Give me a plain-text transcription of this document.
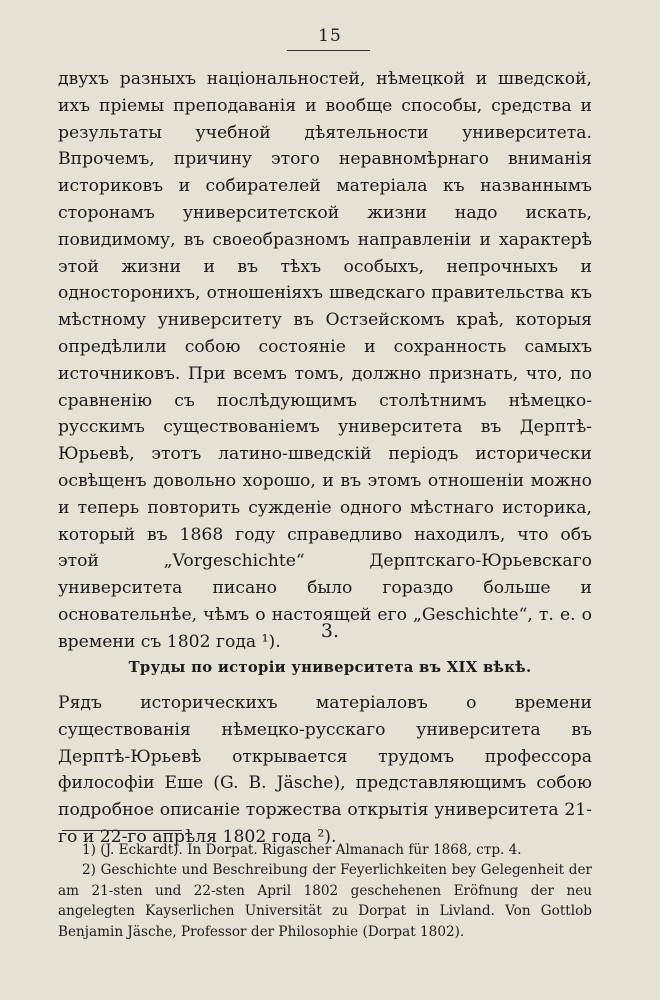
15
двухъ разныхъ національностей, нѣмецкой и шведской, ихъ пріемы преподаванія и вообще способы, средства и результаты учебной дѣятельности университета. Впрочемъ, причину этого неравномѣрнаго вниманія историковъ и собирателей матеріала къ названнымъ сторонамъ университетской жизни надо искать, повидимому, въ своеобразномъ направленіи и характерѣ этой жизни и въ тѣхъ особыхъ, непрочныхъ и односторонихъ, отношеніяхъ шведскаго правительства къ мѣстному университету въ Остзейскомъ краѣ, которыя опредѣлили собою состояніе и сохранность самыхъ источниковъ. При всемъ томъ, должно признать, что, по сравненію съ послѣдующимъ столѣтнимъ нѣмецко-русскимъ существованіемъ университета въ Дерптѣ-Юрьевѣ, этотъ латино-шведскій періодъ исторически освѣщенъ довольно хорошо, и въ этомъ отношеніи можно и теперь повторить сужденіе одного мѣстнаго историка, который въ 1868 году справедливо находилъ, что объ этой „Vorgeschichte“ Дерптскаго-Юрьевскаго университета писано было гораздо больше и основательнѣе, чѣмъ о настоящей его „Geschichte“, т. е. о времени съ 1802 года ¹).	3.
Труды по исторіи университета въ XIX вѣкѣ.
Рядъ историческихъ матеріаловъ о времени существованія нѣмецко-русскаго университета въ Дерптѣ-Юрьевѣ открывается трудомъ профессора философіи Еше (G. B. Jäsche), представляющимъ собою подробное описаніе торжества открытія университета 21-го и 22-го апрѣля 1802 года ²).
1) (J. Eckardt). In Dorpat. Rigascher Almanach für 1868, стр. 4.
2) Geschichte und Beschreibung der Feyerlichkeiten bey Gelegenheit der am 21-sten und 22-sten April 1802 geschehenen Eröfnung der neu angelegten Kayserlichen Universität zu Dorpat in Livland. Von Gottlob Benjamin Jäsche, Professor der Philosophie (Dorpat 1802).
